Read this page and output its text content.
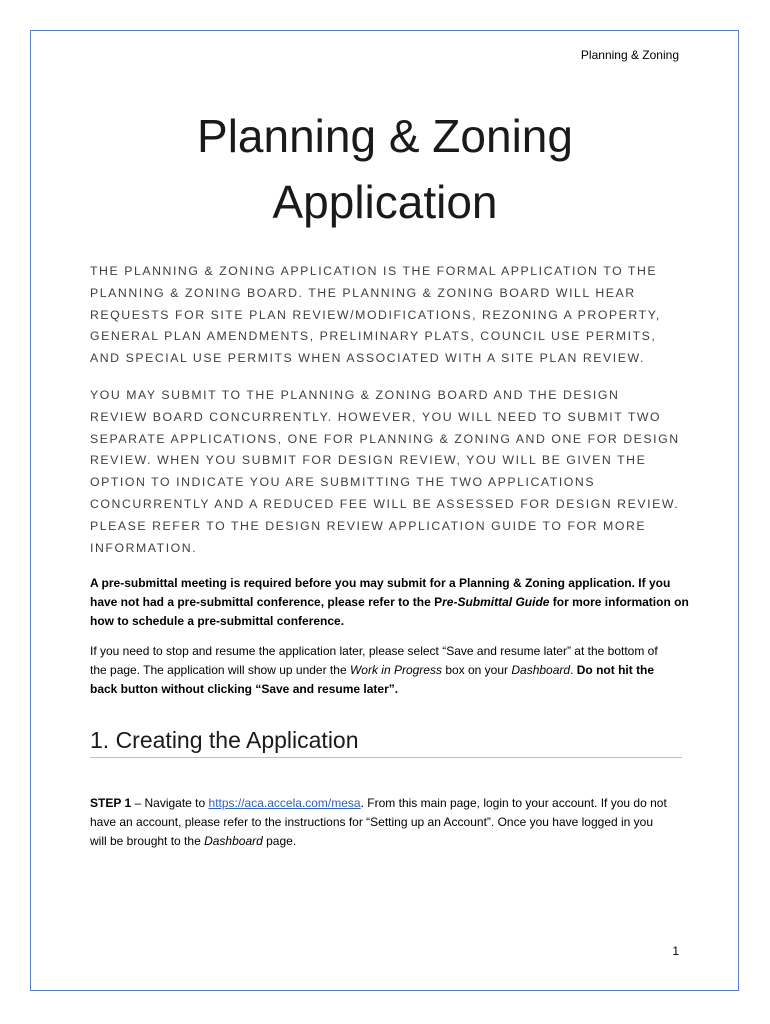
Planning & Zoning
Planning & Zoning
Application

THE PLANNING & ZONING APPLICATION IS THE FORMAL APPLICATION TO THE
PLANNING & ZONING BOARD. THE PLANNING & ZONING BOARD WILL HEAR
REQUESTS FOR SITE PLAN REVIEW/MODIFICATIONS, REZONING A PROPERTY,
GENERAL PLAN AMENDMENTS, PRELIMINARY PLATS, COUNCIL USE PERMITS,
AND SPECIAL USE PERMITS WHEN ASSOCIATED WITH A SITE PLAN REVIEW.

YOU MAY SUBMIT TO THE PLANNING & ZONING BOARD AND THE DESIGN
REVIEW BOARD CONCURRENTLY. HOWEVER, YOU WILL NEED TO SUBMIT TWO
SEPARATE APPLICATIONS, ONE FOR PLANNING & ZONING AND ONE FOR DESIGN
REVIEW. WHEN YOU SUBMIT FOR DESIGN REVIEW, YOU WILL BE GIVEN THE
OPTION TO INDICATE YOU ARE SUBMITTING THE TWO APPLICATIONS
CONCURRENTLY AND A REDUCED FEE WILL BE ASSESSED FOR DESIGN REVIEW.
PLEASE REFER TO THE DESIGN REVIEW APPLICATION GUIDE TO FOR MORE
INFORMATION.

A pre-submittal meeting is required before you may submit for a Planning & Zoning application. If you
have not had a pre-submittal conference, please refer to the Pre-Submittal Guide for more information on
how to schedule a pre-submittal conference.

If you need to stop and resume the application later, please select “Save and resume later” at the bottom of
the page. The application will show up under the Work in Progress box on your Dashboard. Do not hit the
back button without clicking “Save and resume later”.

1. Creating the Application

STEP 1 – Navigate to https://aca.accela.com/mesa. From this main page, login to your account. If you do not
have an account, please refer to the instructions for “Setting up an Account”. Once you have logged in you
will be brought to the Dashboard page.

1
